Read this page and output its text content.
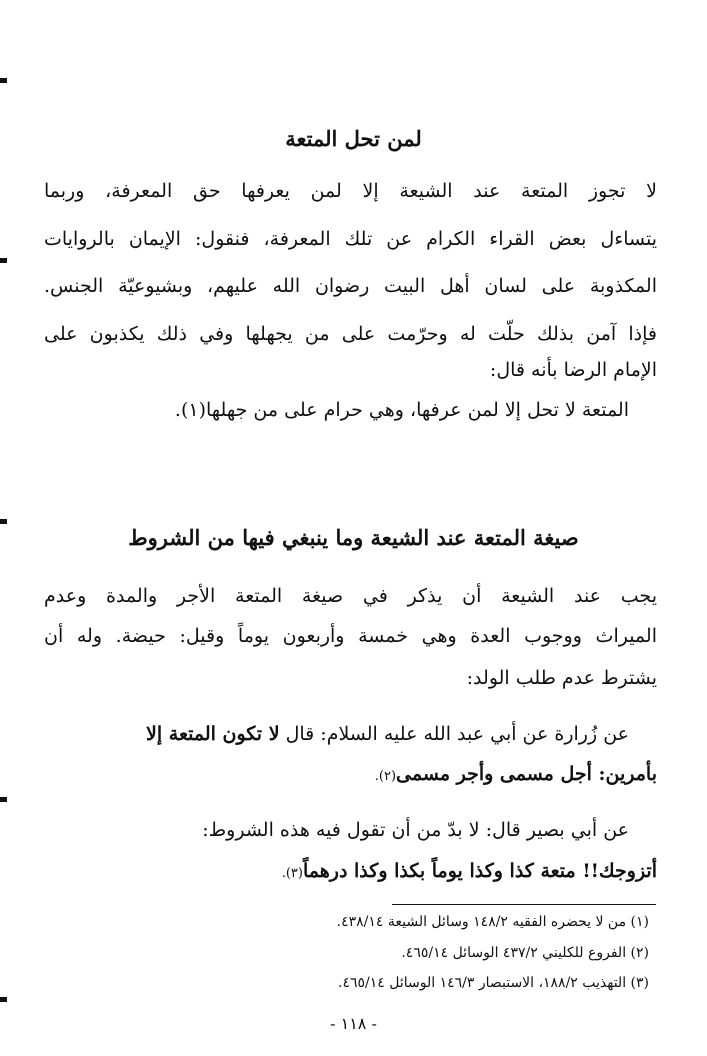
لمن تحل المتعة
لا تجوز المتعة عند الشيعة إلا لمن يعرفها حق المعرفة، وربما
يتساءل بعض القراء الكرام عن تلك المعرفة، فنقول: الإيمان بالروايات
المكذوبة على لسان أهل البيت رضوان الله عليهم، وبشيوعيّة الجنس.
فإذا آمن بذلك حلّت له وحرّمت على من يجهلها وفي ذلك يكذبون على
الإمام الرضا بأنه قال:
المتعة لا تحل إلا لمن عرفها، وهي حرام على من جهلها(١).
صيغة المتعة عند الشيعة وما ينبغي فيها من الشروط
يجب عند الشيعة أن يذكر في صيغة المتعة الأجر والمدة وعدم
الميراث ووجوب العدة وهي خمسة وأربعون يوماً وقيل: حيضة. وله أن
يشترط عدم طلب الولد:
عن زُرارة عن أبي عبد الله عليه السلام: قال لا تكون المتعة إلا
بأمرين: أجل مسمى وأجر مسمى(٢).
عن أبي بصير قال: لا بدّ من أن تقول فيه هذه الشروط:
أتزوجك!! متعة كذا وكذا يوماً بكذا وكذا درهماً(٣).
(١) من لا يحضره الفقيه ١٤٨/٢ وسائل الشيعة ٤٣٨/١٤.
(٢) الفروع للكليني ٤٣٧/٢ الوسائل ٤٦٥/١٤.
(٣) التهذيب ١٨٨/٢، الاستبصار ١٤٦/٣ الوسائل ٤٦٥/١٤.
- ١١٨ -
